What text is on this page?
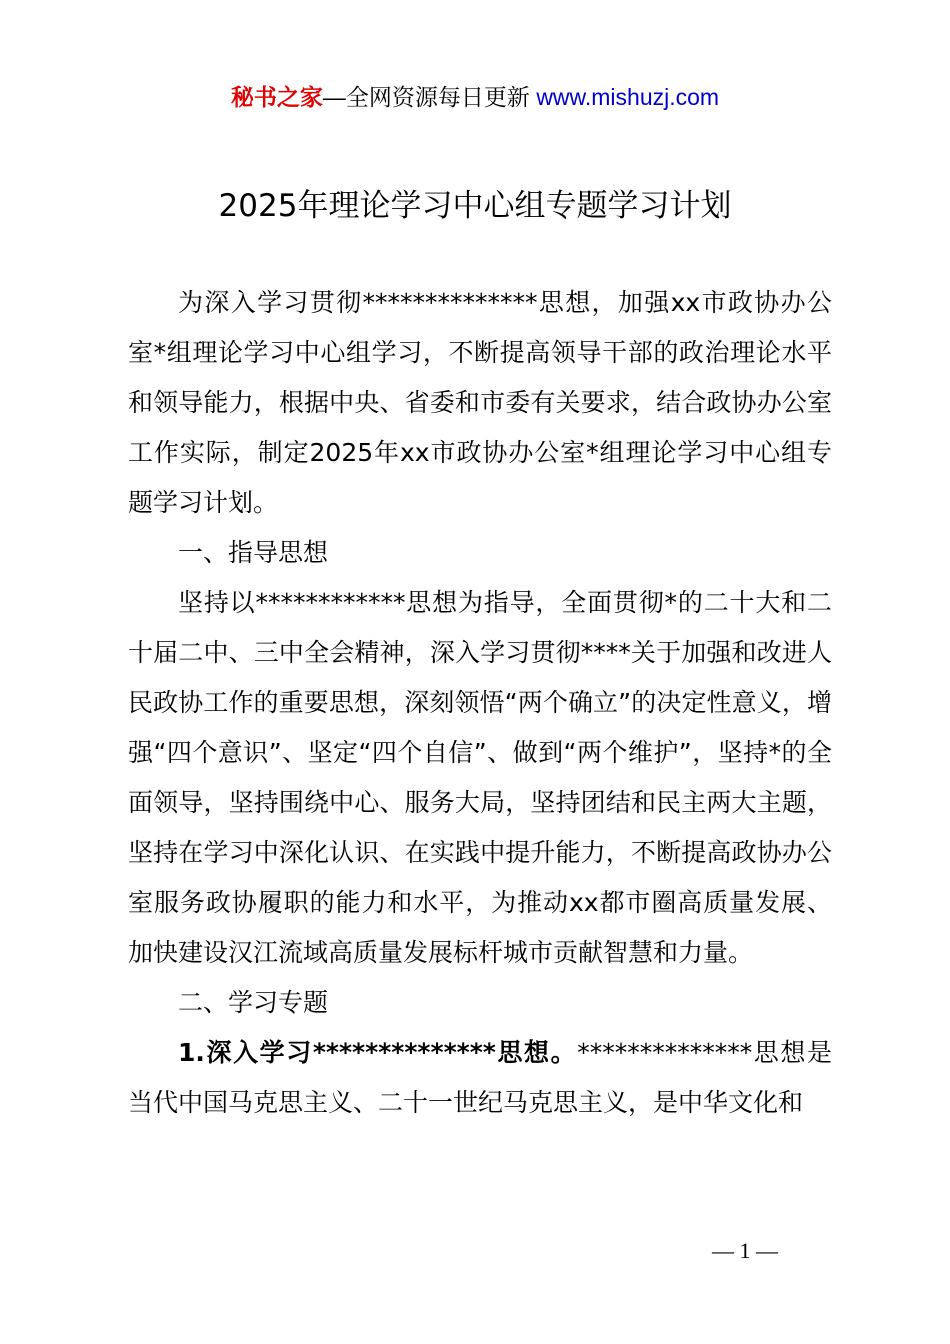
秘书之家—全网资源每日更新 www.mishuzj.com
2025年理论学习中心组专题学习计划

为深入学习贯彻**************思想，加强xx市政协办公室*组理论学习中心组学习，不断提高领导干部的政治理论水平和领导能力，根据中央、省委和市委有关要求，结合政协办公室工作实际，制定2025年xx市政协办公室*组理论学习中心组专题学习计划。

一、指导思想

坚持以************思想为指导，全面贯彻*的二十大和二十届二中、三中全会精神，深入学习贯彻****关于加强和改进人民政协工作的重要思想，深刻领悟“两个确立”的决定性意义，增强“四个意识”、坚定“四个自信”、做到“两个维护”，坚持*的全面领导，坚持围绕中心、服务大局，坚持团结和民主两大主题，坚持在学习中深化认识、在实践中提升能力，不断提高政协办公室服务政协履职的能力和水平，为推动xx都市圈高质量发展、加快建设汉江流域高质量发展标杆城市贡献智慧和力量。

二、学习专题

1.深入学习**************思想。**************思想是当代中国马克思主义、二十一世纪马克思主义，是中华文化和

— 1 —
